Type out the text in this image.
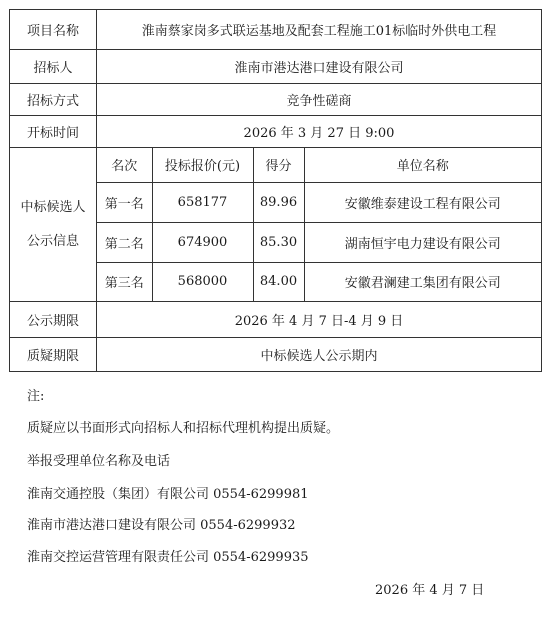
项目名称	淮南蔡家岗多式联运基地及配套工程施工01标临时外供电工程
招标人	淮南市港达港口建设有限公司
招标方式	竞争性磋商
开标时间	2026 年 3 月 27 日 9:00

中标候选人
公示信息

名次	投标报价(元)	得分	单位名称
第一名	658177	89.96	安徽维泰建设工程有限公司
第二名	674900	85.30	湖南恒宇电力建设有限公司
第三名	568000	84.00	安徽君澜建工集团有限公司

公示期限	2026 年 4 月 7 日-4 月 9 日
质疑期限	中标候选人公示期内
注:
质疑应以书面形式向招标人和招标代理机构提出质疑。
举报受理单位名称及电话
淮南交通控股（集团）有限公司 0554-6299981
淮南市港达港口建设有限公司 0554-6299932
淮南交控运营管理有限责任公司 0554-6299935
2026 年 4 月 7 日
